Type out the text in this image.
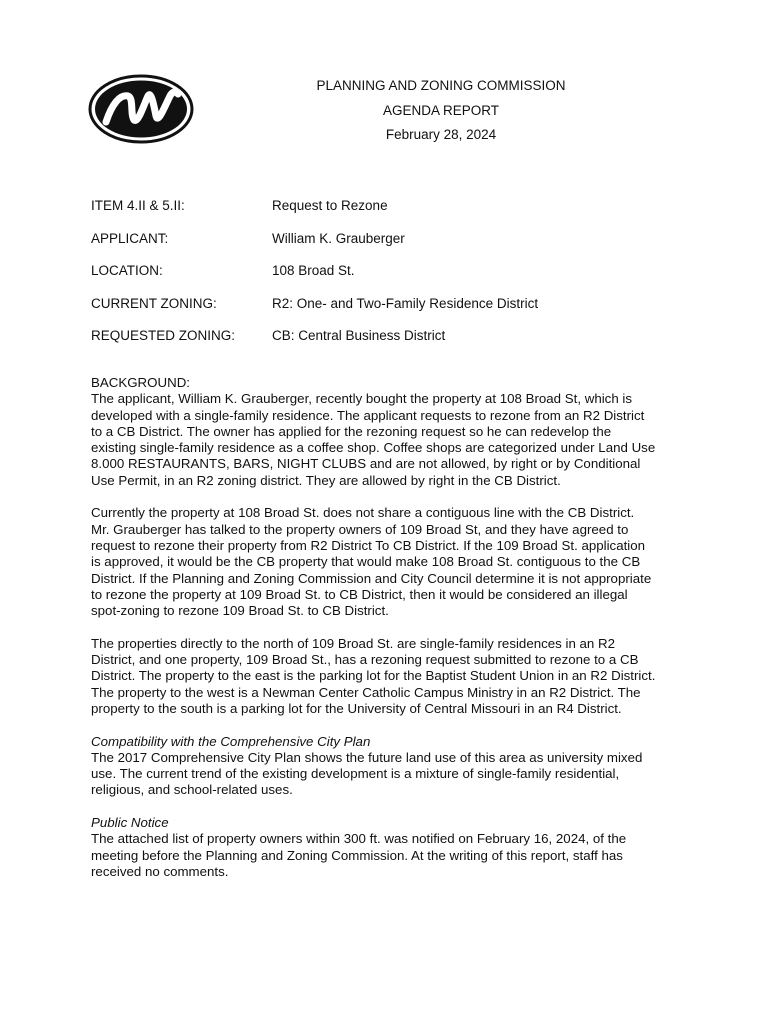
PLANNING AND ZONING COMMISSION
AGENDA REPORT
February 28, 2024
ITEM 4.II & 5.II:	Request to Rezone
APPLICANT:	William K. Grauberger
LOCATION:	108 Broad St.
CURRENT ZONING:	R2: One- and Two-Family Residence District
REQUESTED ZONING:	CB: Central Business District
BACKGROUND:
The applicant, William K. Grauberger, recently bought the property at 108 Broad St, which is
developed with a single-family residence. The applicant requests to rezone from an R2 District
to a CB District. The owner has applied for the rezoning request so he can redevelop the
existing single-family residence as a coffee shop. Coffee shops are categorized under Land Use
8.000 RESTAURANTS, BARS, NIGHT CLUBS and are not allowed, by right or by Conditional
Use Permit, in an R2 zoning district. They are allowed by right in the CB District.
Currently the property at 108 Broad St. does not share a contiguous line with the CB District.
Mr. Grauberger has talked to the property owners of 109 Broad St, and they have agreed to
request to rezone their property from R2 District To CB District. If the 109 Broad St. application
is approved, it would be the CB property that would make 108 Broad St. contiguous to the CB
District. If the Planning and Zoning Commission and City Council determine it is not appropriate
to rezone the property at 109 Broad St. to CB District, then it would be considered an illegal
spot-zoning to rezone 109 Broad St. to CB District.
The properties directly to the north of 109 Broad St. are single-family residences in an R2
District, and one property, 109 Broad St., has a rezoning request submitted to rezone to a CB
District. The property to the east is the parking lot for the Baptist Student Union in an R2 District.
The property to the west is a Newman Center Catholic Campus Ministry in an R2 District. The
property to the south is a parking lot for the University of Central Missouri in an R4 District.
Compatibility with the Comprehensive City Plan
The 2017 Comprehensive City Plan shows the future land use of this area as university mixed
use. The current trend of the existing development is a mixture of single-family residential,
religious, and school-related uses.
Public Notice
The attached list of property owners within 300 ft. was notified on February 16, 2024, of the
meeting before the Planning and Zoning Commission. At the writing of this report, staff has
received no comments.
